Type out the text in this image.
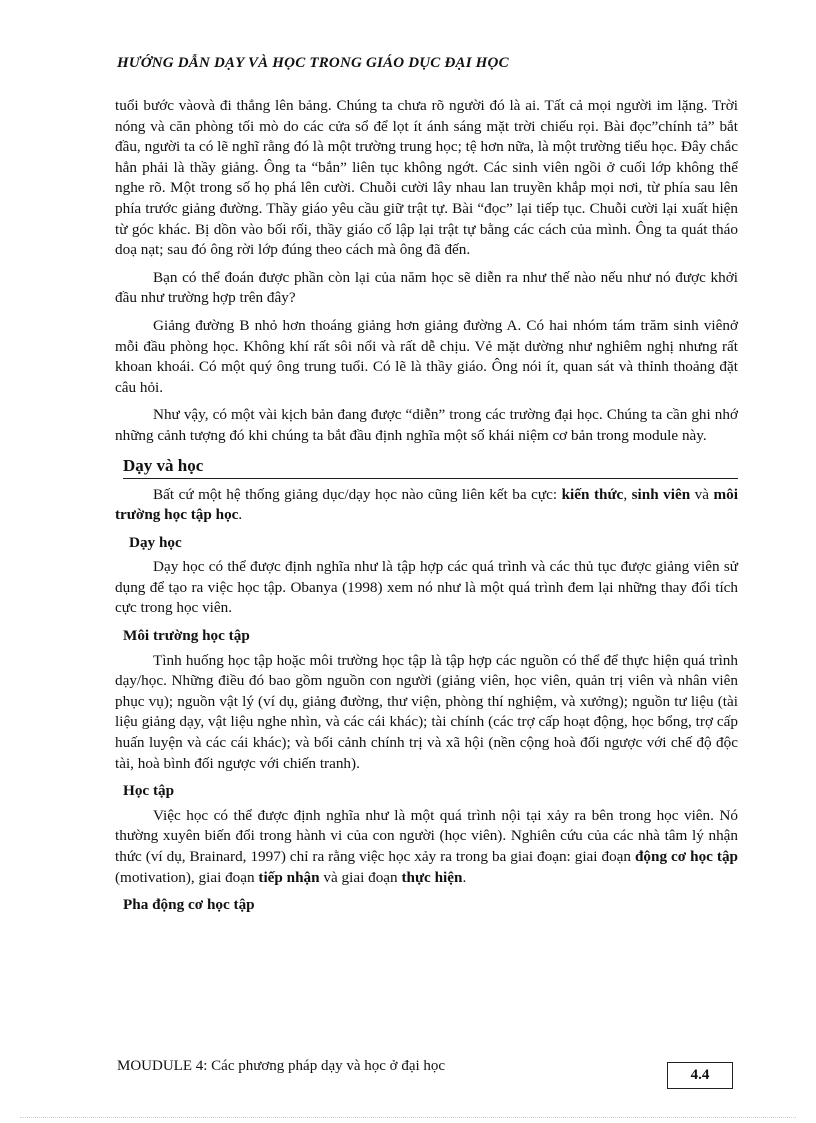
HƯỚNG DẪN DẠY VÀ HỌC TRONG GIÁO DỤC ĐẠI HỌC

tuổi bước vàovà đi thẳng lên bảng. Chúng ta chưa rõ người đó là ai. Tất cả mọi người im lặng. Trời nóng và căn phòng tối mò do các cửa sổ để lọt ít ánh sáng mặt trời chiếu rọi. Bài đọc”chính tả” bắt đầu, người ta có lẽ nghĩ rằng đó là một trường trung học; tệ hơn nữa, là một trường tiểu học. Đây chắc hẳn phải là thầy giảng. Ông ta “bắn” liên tục không ngớt. Các sinh viên ngồi ở cuối lớp không thể nghe rõ. Một trong số họ phá lên cười. Chuỗi cười lây nhau lan truyền khắp mọi nơi, từ phía sau lên phía trước giảng đường. Thầy giáo yêu cầu giữ trật tự. Bài “đọc” lại tiếp tục. Chuỗi cười lại xuất hiện từ góc khác. Bị dồn vào bối rối, thầy giáo cố lập lại trật tự bằng các cách của mình. Ông ta quát tháo doạ nạt; sau đó ông rời lớp đúng theo cách mà ông đã đến.

Bạn có thể đoán được phần còn lại của năm học sẽ diễn ra như thế nào nếu như nó được khởi đầu như trường hợp trên đây?

Giảng đường B nhỏ hơn thoáng giảng hơn giảng đường A. Có hai nhóm tám trăm sinh viênở mỗi đầu phòng học. Không khí rất sôi nổi và rất dễ chịu. Vẻ mặt dường như nghiêm nghị nhưng rất khoan khoái. Có một quý ông trung tuổi. Có lẽ là thầy giáo. Ông nói ít, quan sát và thỉnh thoảng đặt câu hỏi.

Như vậy, có một vài kịch bản đang được “diễn” trong các trường đại học. Chúng ta cần ghi nhớ những cảnh tượng đó khi chúng ta bắt đầu định nghĩa một số khái niệm cơ bản trong module này.

Dạy và học

Bất cứ một hệ thống giảng dục/dạy học nào cũng liên kết ba cực: kiến thức, sinh viên và môi trường học tập học.

Dạy học

Dạy học có thể được định nghĩa như là tập hợp các quá trình và các thủ tục được giảng viên sử dụng để tạo ra việc học tập. Obanya (1998) xem nó như là một quá trình đem lại những thay đổi tích cực trong học viên.

Môi trường học tập

Tình huống học tập hoặc môi trường học tập là tập hợp các nguồn có thể để thực hiện quá trình dạy/học. Những điều đó bao gồm nguồn con người (giảng viên, học viên, quản trị viên và nhân viên phục vụ); nguồn vật lý (ví dụ, giảng đường, thư viện, phòng thí nghiệm, và xưởng); nguồn tư liệu (tài liệu giảng dạy, vật liệu nghe nhìn, và các cái khác); tài chính (các trợ cấp hoạt động, học bổng, trợ cấp huấn luyện và các cái khác); và bối cảnh chính trị và xã hội (nền cộng hoà đối ngược với chế độ độc tài, hoà bình đối ngược với chiến tranh).

Học tập

Việc học có thể được định nghĩa như là một quá trình nội tại xảy ra bên trong học viên. Nó thường xuyên biến đổi trong hành vi của con người (học viên). Nghiên cứu của các nhà tâm lý nhận thức (ví dụ, Brainard, 1997) chỉ ra rằng việc học xảy ra trong ba giai đoạn: giai đoạn động cơ học tập (motivation), giai đoạn tiếp nhận và giai đoạn thực hiện.

Pha động cơ học tập
MOUDULE 4: Các phương pháp dạy và học ở đại học
4.4
